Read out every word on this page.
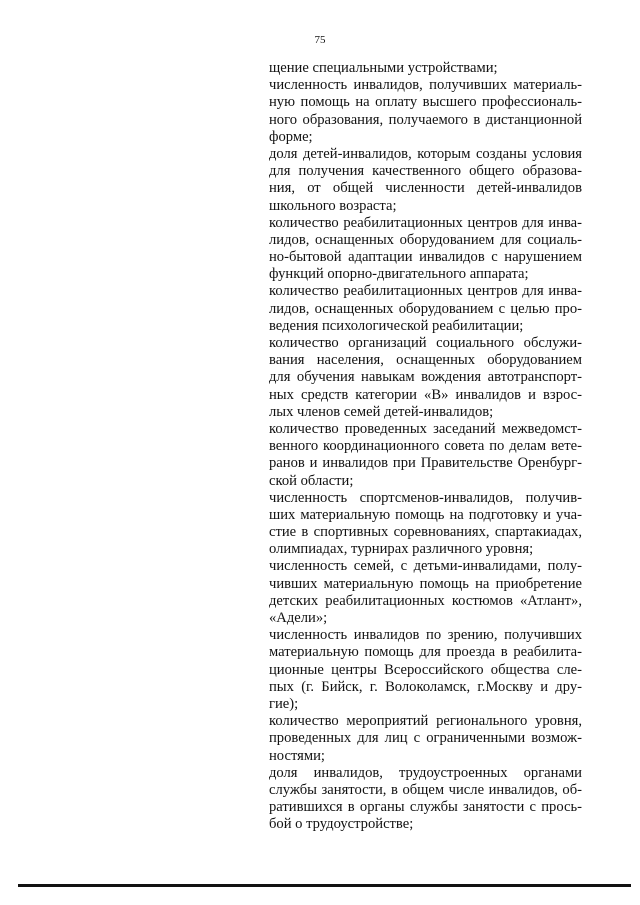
75
щение специальными устройствами;
численность инвалидов, получивших материаль-
ную помощь на оплату высшего профессиональ-
ного образования, получаемого в дистанционной
форме;
доля детей-инвалидов, которым созданы условия
для получения качественного общего образова-
ния, от общей численности детей-инвалидов
школьного возраста;
количество реабилитационных центров для инва-
лидов, оснащенных оборудованием для социаль-
но-бытовой адаптации инвалидов с нарушением
функций опорно-двигательного аппарата;
количество реабилитационных центров для инва-
лидов, оснащенных оборудованием с целью про-
ведения психологической реабилитации;
количество организаций социального обслужи-
вания населения, оснащенных оборудованием
для обучения навыкам вождения автотранспорт-
ных средств категории «В» инвалидов и взрос-
лых членов семей детей-инвалидов;
количество проведенных заседаний межведомст-
венного координационного совета по делам вете-
ранов и инвалидов при Правительстве Оренбург-
ской области;
численность спортсменов-инвалидов, получив-
ших материальную помощь на подготовку и уча-
стие в спортивных соревнованиях, спартакиадах,
олимпиадах, турнирах различного уровня;
численность семей, с детьми-инвалидами, полу-
чивших материальную помощь на приобретение
детских реабилитационных костюмов «Атлант»,
«Адели»;
численность инвалидов по зрению, получивших
материальную помощь для проезда в реабилита-
ционные центры Всероссийского общества сле-
пых (г. Бийск, г. Волоколамск, г.Москву и дру-
гие);
количество мероприятий регионального уровня,
проведенных для лиц с ограниченными возмож-
ностями;
доля инвалидов, трудоустроенных органами
службы занятости, в общем числе инвалидов, об-
ратившихся в органы службы занятости с прось-
бой о трудоустройстве;
